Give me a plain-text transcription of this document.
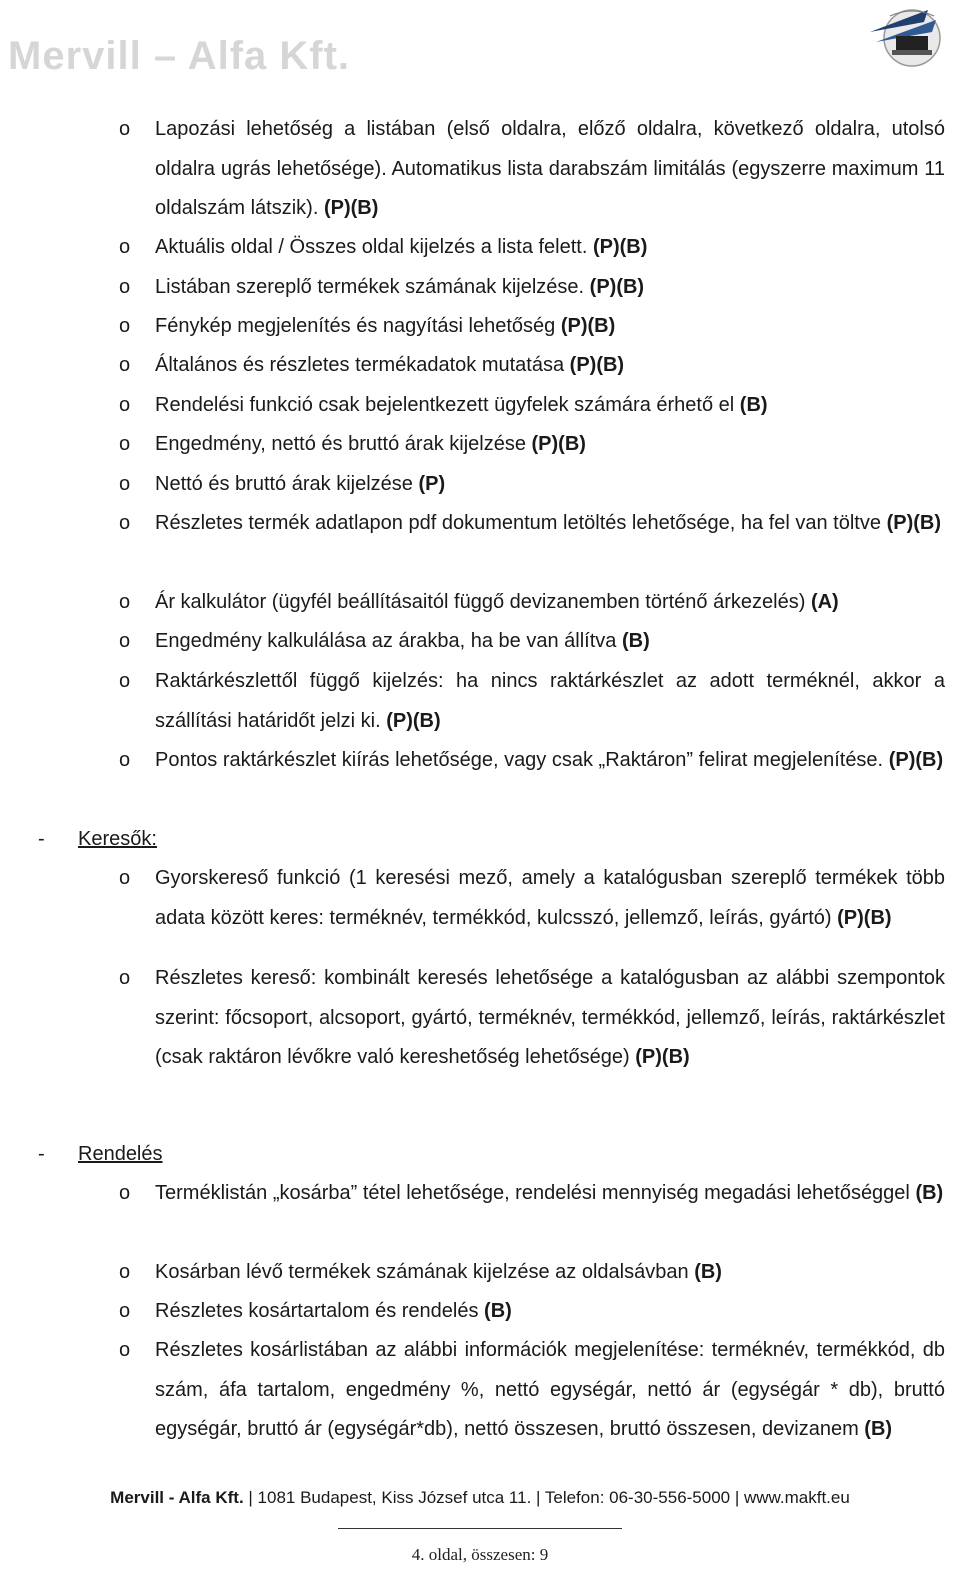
Mervill – Alfa Kft.
o Lapozási lehetőség a listában (első oldalra, előző oldalra, következő oldalra, utolsó oldalra ugrás lehetősége). Automatikus lista darabszám limitálás (egyszerre maximum 11 oldalszám látszik). (P)(B)
o Aktuális oldal / Összes oldal kijelzés a lista felett. (P)(B)
o Listában szereplő termékek számának kijelzése. (P)(B)
o Fénykép megjelenítés és nagyítási lehetőség (P)(B)
o Általános és részletes termékadatok mutatása (P)(B)
o Rendelési funkció csak bejelentkezett ügyfelek számára érhető el (B)
o Engedmény, nettó és bruttó árak kijelzése (P)(B)
o Nettó és bruttó árak kijelzése (P)
o Részletes termék adatlapon pdf dokumentum letöltés lehetősége, ha fel van töltve (P)(B)
o Ár kalkulátor (ügyfél beállításaitól függő devizanemben történő árkezelés) (A)
o Engedmény kalkulálása az árakba, ha be van állítva (B)
o Raktárkészlettől függő kijelzés: ha nincs raktárkészlet az adott terméknél, akkor a szállítási határidőt jelzi ki. (P)(B)
o Pontos raktárkészlet kiírás lehetősége, vagy csak „Raktáron” felirat megjelenítése. (P)(B)
-	Keresők:
o Gyorskereső funkció (1 keresési mező, amely a katalógusban szereplő termékek több adata között keres: terméknév, termékkód, kulcsszó, jellemző, leírás, gyártó) (P)(B)
o Részletes kereső: kombinált keresés lehetősége a katalógusban az alábbi szempontok szerint: főcsoport, alcsoport, gyártó, terméknév, termékkód, jellemző, leírás, raktárkészlet (csak raktáron lévőkre való kereshetőség lehetősége) (P)(B)
-	Rendelés
o Terméklistán „kosárba” tétel lehetősége, rendelési mennyiség megadási lehetőséggel (B)
o Kosárban lévő termékek számának kijelzése az oldalsávban (B)
o Részletes kosártartalom és rendelés (B)
o Részletes kosárlistában az alábbi információk megjelenítése: terméknév, termékkód, db szám, áfa tartalom, engedmény %, nettó egységár, nettó ár (egységár * db), bruttó egységár, bruttó ár (egységár*db), nettó összesen, bruttó összesen, devizanem (B)
Mervill - Alfa Kft. | 1081 Budapest, Kiss József utca 11. | Telefon: 06-30-556-5000 | www.makft.eu
4. oldal, összesen: 9
